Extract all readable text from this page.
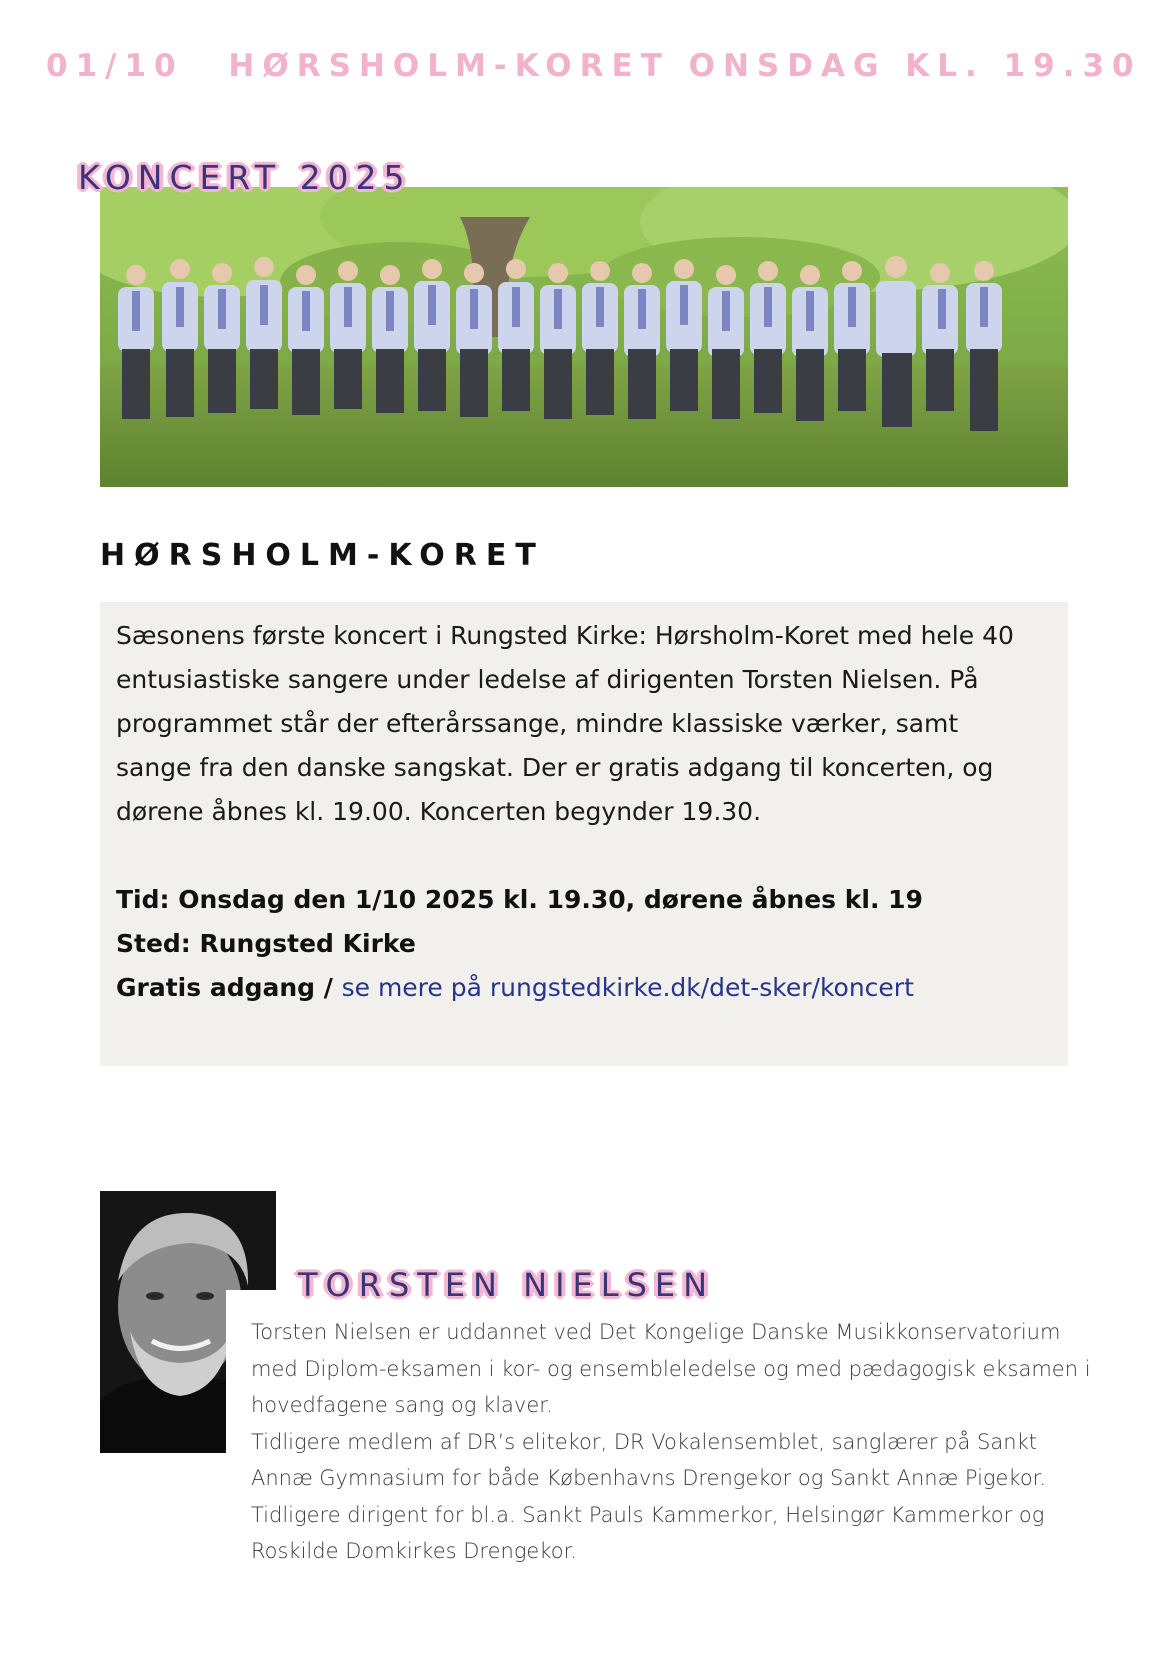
01/10 HØRSHOLM-KORET ONSDAG KL. 19.30
KONCERT 2025
HØRSHOLM-KORET
Sæsonens første koncert i Rungsted Kirke: Hørsholm-Koret med hele 40 entusiastiske sangere under ledelse af dirigenten Torsten Nielsen. På programmet står der efterårssange, mindre klassiske værker, samt sange fra den danske sangskat. Der er gratis adgang til koncerten, og dørene åbnes kl. 19.00. Koncerten begynder 19.30.
Tid: Onsdag den 1/10 2025 kl. 19.30, dørene åbnes kl. 19
Sted: Rungsted Kirke
Gratis adgang / se mere på rungstedkirke.dk/det-sker/koncert
TORSTEN NIELSEN

Torsten Nielsen er uddannet ved Det Kongelige Danske Musikkonservatorium med Diplom-eksamen i kor- og ensembleledelse og med pædagogisk eksamen i hovedfagene sang og klaver.

Tidligere medlem af DR’s elitekor, DR Vokalensemblet, sanglærer på Sankt Annæ Gymnasium for både Københavns Drengekor og Sankt Annæ Pigekor. Tidligere dirigent for bl.a. Sankt Pauls Kammerkor, Helsingør Kammerkor og Roskilde Domkirkes Drengekor.
